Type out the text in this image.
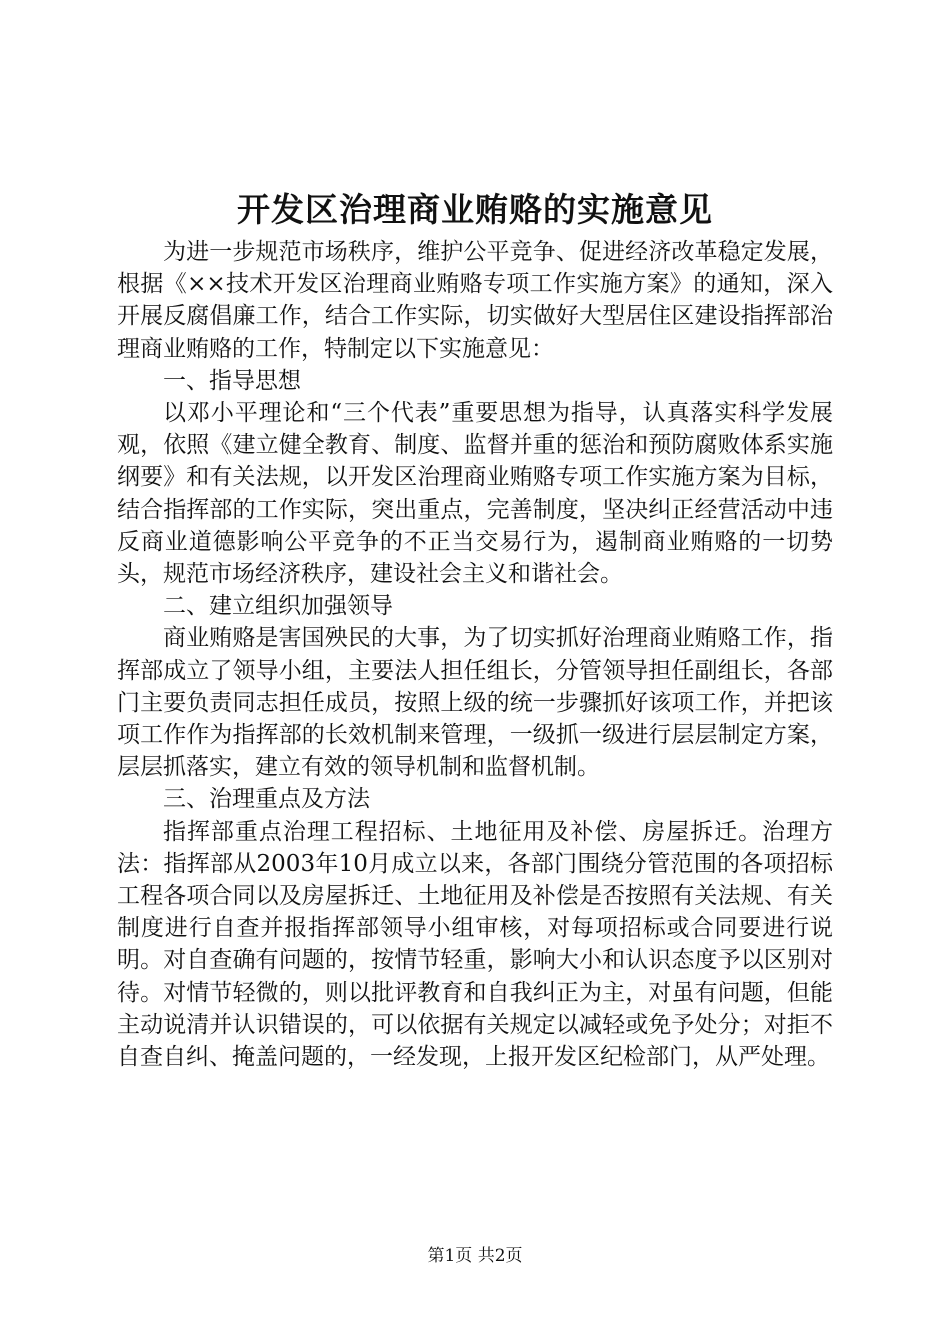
开发区治理商业贿赂的实施意见

为进一步规范市场秩序，维护公平竞争、促进经济改革稳定发展，根据《××技术开发区治理商业贿赂专项工作实施方案》的通知，深入开展反腐倡廉工作，结合工作实际，切实做好大型居住区建设指挥部治理商业贿赂的工作，特制定以下实施意见：

一、指导思想

以邓小平理论和“三个代表”重要思想为指导，认真落实科学发展观，依照《建立健全教育、制度、监督并重的惩治和预防腐败体系实施纲要》和有关法规，以开发区治理商业贿赂专项工作实施方案为目标，结合指挥部的工作实际，突出重点，完善制度，坚决纠正经营活动中违反商业道德影响公平竞争的不正当交易行为，遏制商业贿赂的一切势头，规范市场经济秩序，建设社会主义和谐社会。

二、建立组织加强领导

商业贿赂是害国殃民的大事，为了切实抓好治理商业贿赂工作，指挥部成立了领导小组，主要法人担任组长，分管领导担任副组长，各部门主要负责同志担任成员，按照上级的统一步骤抓好该项工作，并把该项工作作为指挥部的长效机制来管理，一级抓一级进行层层制定方案，层层抓落实，建立有效的领导机制和监督机制。

三、治理重点及方法

指挥部重点治理工程招标、土地征用及补偿、房屋拆迁。治理方法：指挥部从2003年10月成立以来，各部门围绕分管范围的各项招标工程各项合同以及房屋拆迁、土地征用及补偿是否按照有关法规、有关制度进行自查并报指挥部领导小组审核，对每项招标或合同要进行说明。对自查确有问题的，按情节轻重，影响大小和认识态度予以区别对待。对情节轻微的，则以批评教育和自我纠正为主，对虽有问题，但能主动说清并认识错误的，可以依据有关规定以减轻或免予处分；对拒不自查自纠、掩盖问题的，一经发现，上报开发区纪检部门，从严处理。

第1页 共2页
